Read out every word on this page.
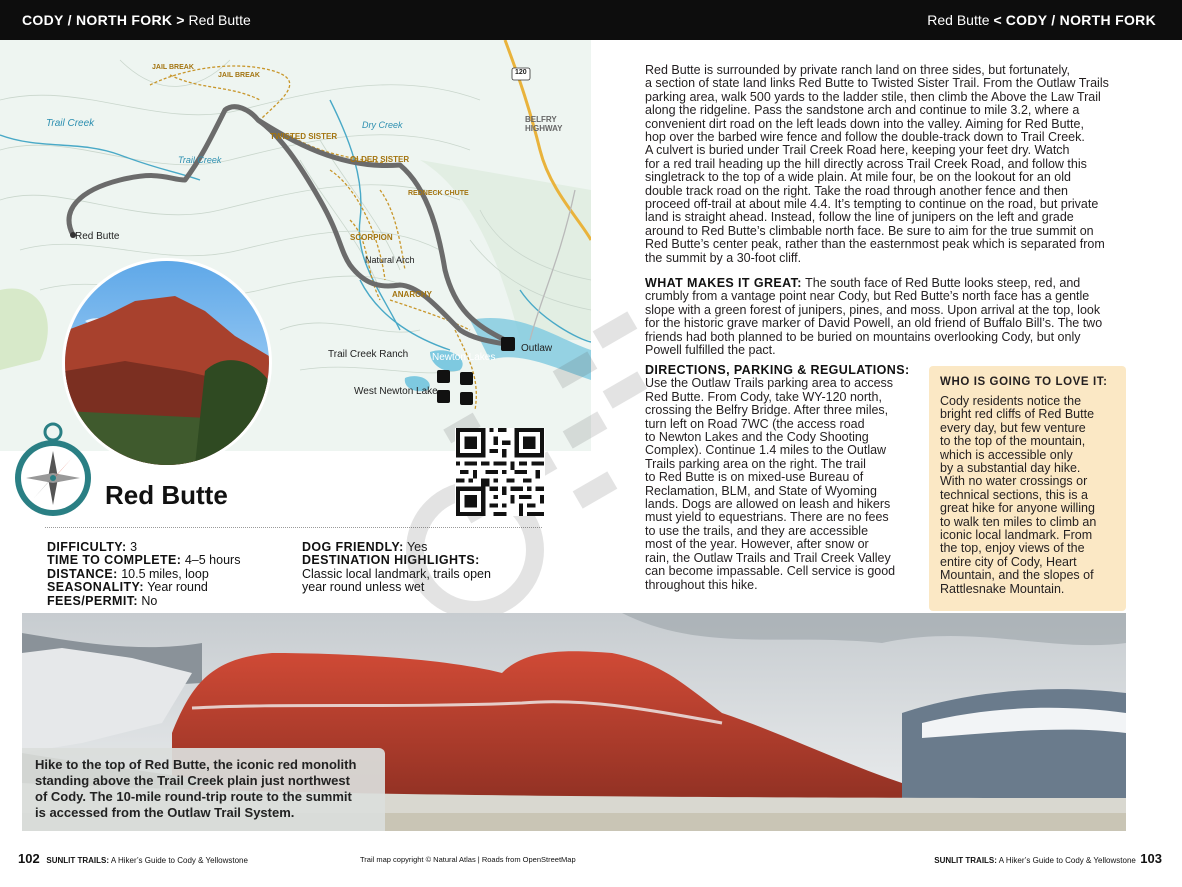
CODY / NORTH FORK > Red Butte	Red Butte < CODY / NORTH FORK
Red Butte
Trail Creek
Trail Creek
TWISTED SISTER
OLDER SISTER
JAIL BREAK
JAIL BREAK
Dry Creek
SCORPION
Natural Arch
ANARCHY
REDNECK CHUTE
BELFRY HIGHWAY
120
Trail Creek Ranch Newton Lakes
West Newton Lake
Outlaw
Red Butte
DIFFICULTY: 3
TIME TO COMPLETE: 4–5 hours
DISTANCE: 10.5 miles, loop
SEASONALITY: Year round
FEES/PERMIT: No
DOG FRIENDLY: Yes
DESTINATION HIGHLIGHTS:
Classic local landmark, trails open
year round unless wet
Red Butte is surrounded by private ranch land on three sides, but fortunately,
a section of state land links Red Butte to Twisted Sister Trail. From the Outlaw Trails
parking area, walk 500 yards to the ladder stile, then climb the Above the Law Trail
along the ridgeline. Pass the sandstone arch and continue to mile 3.2, where a
convenient dirt road on the left leads down into the valley. Aiming for Red Butte,
hop over the barbed wire fence and follow the double-track down to Trail Creek.
A culvert is buried under Trail Creek Road here, keeping your feet dry. Watch
for a red trail heading up the hill directly across Trail Creek Road, and follow this
singletrack to the top of a wide plain. At mile four, be on the lookout for an old
double track road on the right. Take the road through another fence and then
proceed off-trail at about mile 4.4. It’s tempting to continue on the road, but private
land is straight ahead. Instead, follow the line of junipers on the left and grade
around to Red Butte’s climbable north face. Be sure to aim for the true summit on
Red Butte’s center peak, rather than the easternmost peak which is separated from
the summit by a 30-foot cliff.
WHAT MAKES IT GREAT: The south face of Red Butte looks steep, red, and
crumbly from a vantage point near Cody, but Red Butte’s north face has a gentle
slope with a green forest of junipers, pines, and moss. Upon arrival at the top, look
for the historic grave marker of David Powell, an old friend of Buffalo Bill’s. The two
friends had both planned to be buried on mountains overlooking Cody, but only
Powell fulfilled the pact.
DIRECTIONS, PARKING & REGULATIONS:
Use the Outlaw Trails parking area to access
Red Butte. From Cody, take WY-120 north,
crossing the Belfry Bridge. After three miles,
turn left on Road 7WC (the access road
to Newton Lakes and the Cody Shooting
Complex). Continue 1.4 miles to the Outlaw
Trails parking area on the right. The trail
to Red Butte is on mixed-use Bureau of
Reclamation, BLM, and State of Wyoming
lands. Dogs are allowed on leash and hikers
must yield to equestrians. There are no fees
to use the trails, and they are accessible
most of the year. However, after snow or
rain, the Outlaw Trails and Trail Creek Valley
can become impassable. Cell service is good
throughout this hike.
WHO IS GOING TO LOVE IT:
Cody residents notice the
bright red cliffs of Red Butte
every day, but few venture
to the top of the mountain,
which is accessible only
by a substantial day hike.
With no water crossings or
technical sections, this is a
great hike for anyone willing
to walk ten miles to climb an
iconic local landmark. From
the top, enjoy views of the
entire city of Cody, Heart
Mountain, and the slopes of
Rattlesnake Mountain.
Hike to the top of Red Butte, the iconic red monolith
standing above the Trail Creek plain just northwest
of Cody. The 10-mile round-trip route to the summit
is accessed from the Outlaw Trail System.
102 SUNLIT TRAILS: A Hiker’s Guide to Cody & Yellowstone	Trail map copyright © Natural Atlas | Roads from OpenStreetMap	SUNLIT TRAILS: A Hiker’s Guide to Cody & Yellowstone 103
